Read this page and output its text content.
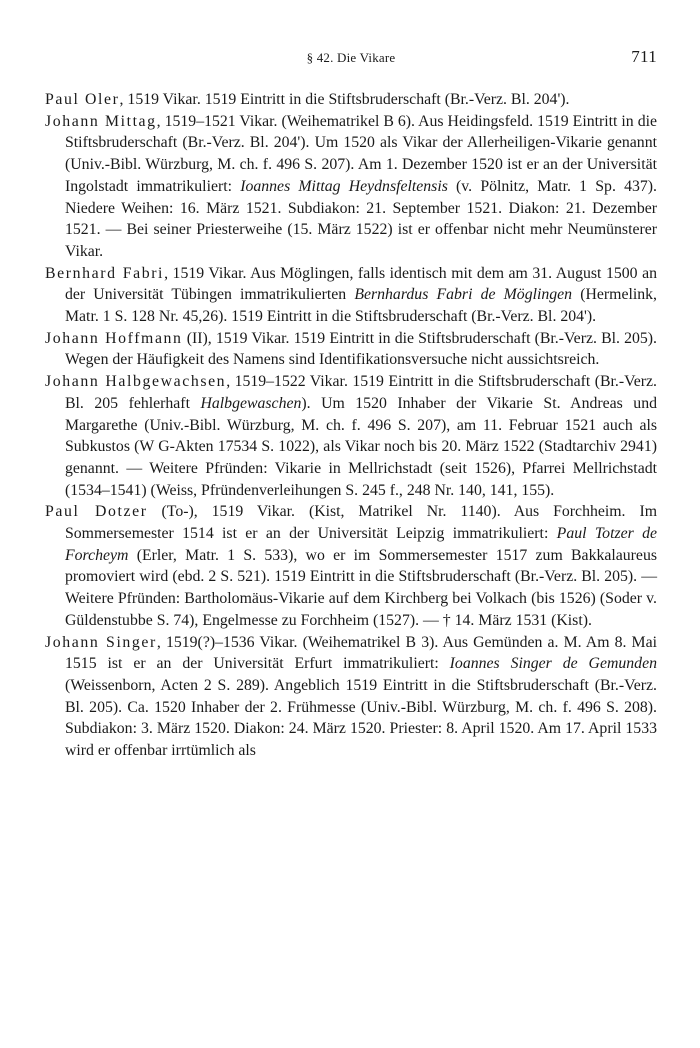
§ 42. Die Vikare	711

Paul Oler, 1519 Vikar. 1519 Eintritt in die Stiftsbruderschaft (Br.-Verz. Bl. 204').

Johann Mittag, 1519–1521 Vikar. (Weihematrikel B 6). Aus Heidingsfeld. 1519 Eintritt in die Stiftsbruderschaft (Br.-Verz. Bl. 204'). Um 1520 als Vikar der Allerheiligen-Vikarie genannt (Univ.-Bibl. Würzburg, M. ch. f. 496 S. 207). Am 1. Dezember 1520 ist er an der Universität Ingolstadt immatrikuliert: Ioannes Mittag Heydnsfeltensis (v. Pölnitz, Matr. 1 Sp. 437). Niedere Weihen: 16. März 1521. Subdiakon: 21. September 1521. Diakon: 21. Dezember 1521. — Bei seiner Priesterweihe (15. März 1522) ist er offenbar nicht mehr Neumünsterer Vikar.

Bernhard Fabri, 1519 Vikar. Aus Möglingen, falls identisch mit dem am 31. August 1500 an der Universität Tübingen immatrikulierten Bernhardus Fabri de Möglingen (Hermelink, Matr. 1 S. 128 Nr. 45,26). 1519 Eintritt in die Stiftsbruderschaft (Br.-Verz. Bl. 204').

Johann Hoffmann (II), 1519 Vikar. 1519 Eintritt in die Stiftsbruderschaft (Br.-Verz. Bl. 205). Wegen der Häufigkeit des Namens sind Identifikationsversuche nicht aussichtsreich.

Johann Halbgewachsen, 1519–1522 Vikar. 1519 Eintritt in die Stiftsbruderschaft (Br.-Verz. Bl. 205 fehlerhaft Halbgewaschen). Um 1520 Inhaber der Vikarie St. Andreas und Margarethe (Univ.-Bibl. Würzburg, M. ch. f. 496 S. 207), am 11. Februar 1521 auch als Subkustos (W G-Akten 17534 S. 1022), als Vikar noch bis 20. März 1522 (Stadtarchiv 2941) genannt. — Weitere Pfründen: Vikarie in Mellrichstadt (seit 1526), Pfarrei Mellrichstadt (1534–1541) (Weiss, Pfründenverleihungen S. 245 f., 248 Nr. 140, 141, 155).

Paul Dotzer (To-), 1519 Vikar. (Kist, Matrikel Nr. 1140). Aus Forchheim. Im Sommersemester 1514 ist er an der Universität Leipzig immatrikuliert: Paul Totzer de Forcheym (Erler, Matr. 1 S. 533), wo er im Sommersemester 1517 zum Bakkalaureus promoviert wird (ebd. 2 S. 521). 1519 Eintritt in die Stiftsbruderschaft (Br.-Verz. Bl. 205). — Weitere Pfründen: Bartholomäus-Vikarie auf dem Kirchberg bei Volkach (bis 1526) (Soder v. Güldenstubbe S. 74), Engelmesse zu Forchheim (1527). — † 14. März 1531 (Kist).

Johann Singer, 1519(?)–1536 Vikar. (Weihematrikel B 3). Aus Gemünden a. M. Am 8. Mai 1515 ist er an der Universität Erfurt immatrikuliert: Ioannes Singer de Gemunden (Weissenborn, Acten 2 S. 289). Angeblich 1519 Eintritt in die Stiftsbruderschaft (Br.-Verz. Bl. 205). Ca. 1520 Inhaber der 2. Frühmesse (Univ.-Bibl. Würzburg, M. ch. f. 496 S. 208). Subdiakon: 3. März 1520. Diakon: 24. März 1520. Priester: 8. April 1520. Am 17. April 1533 wird er offenbar irrtümlich als
